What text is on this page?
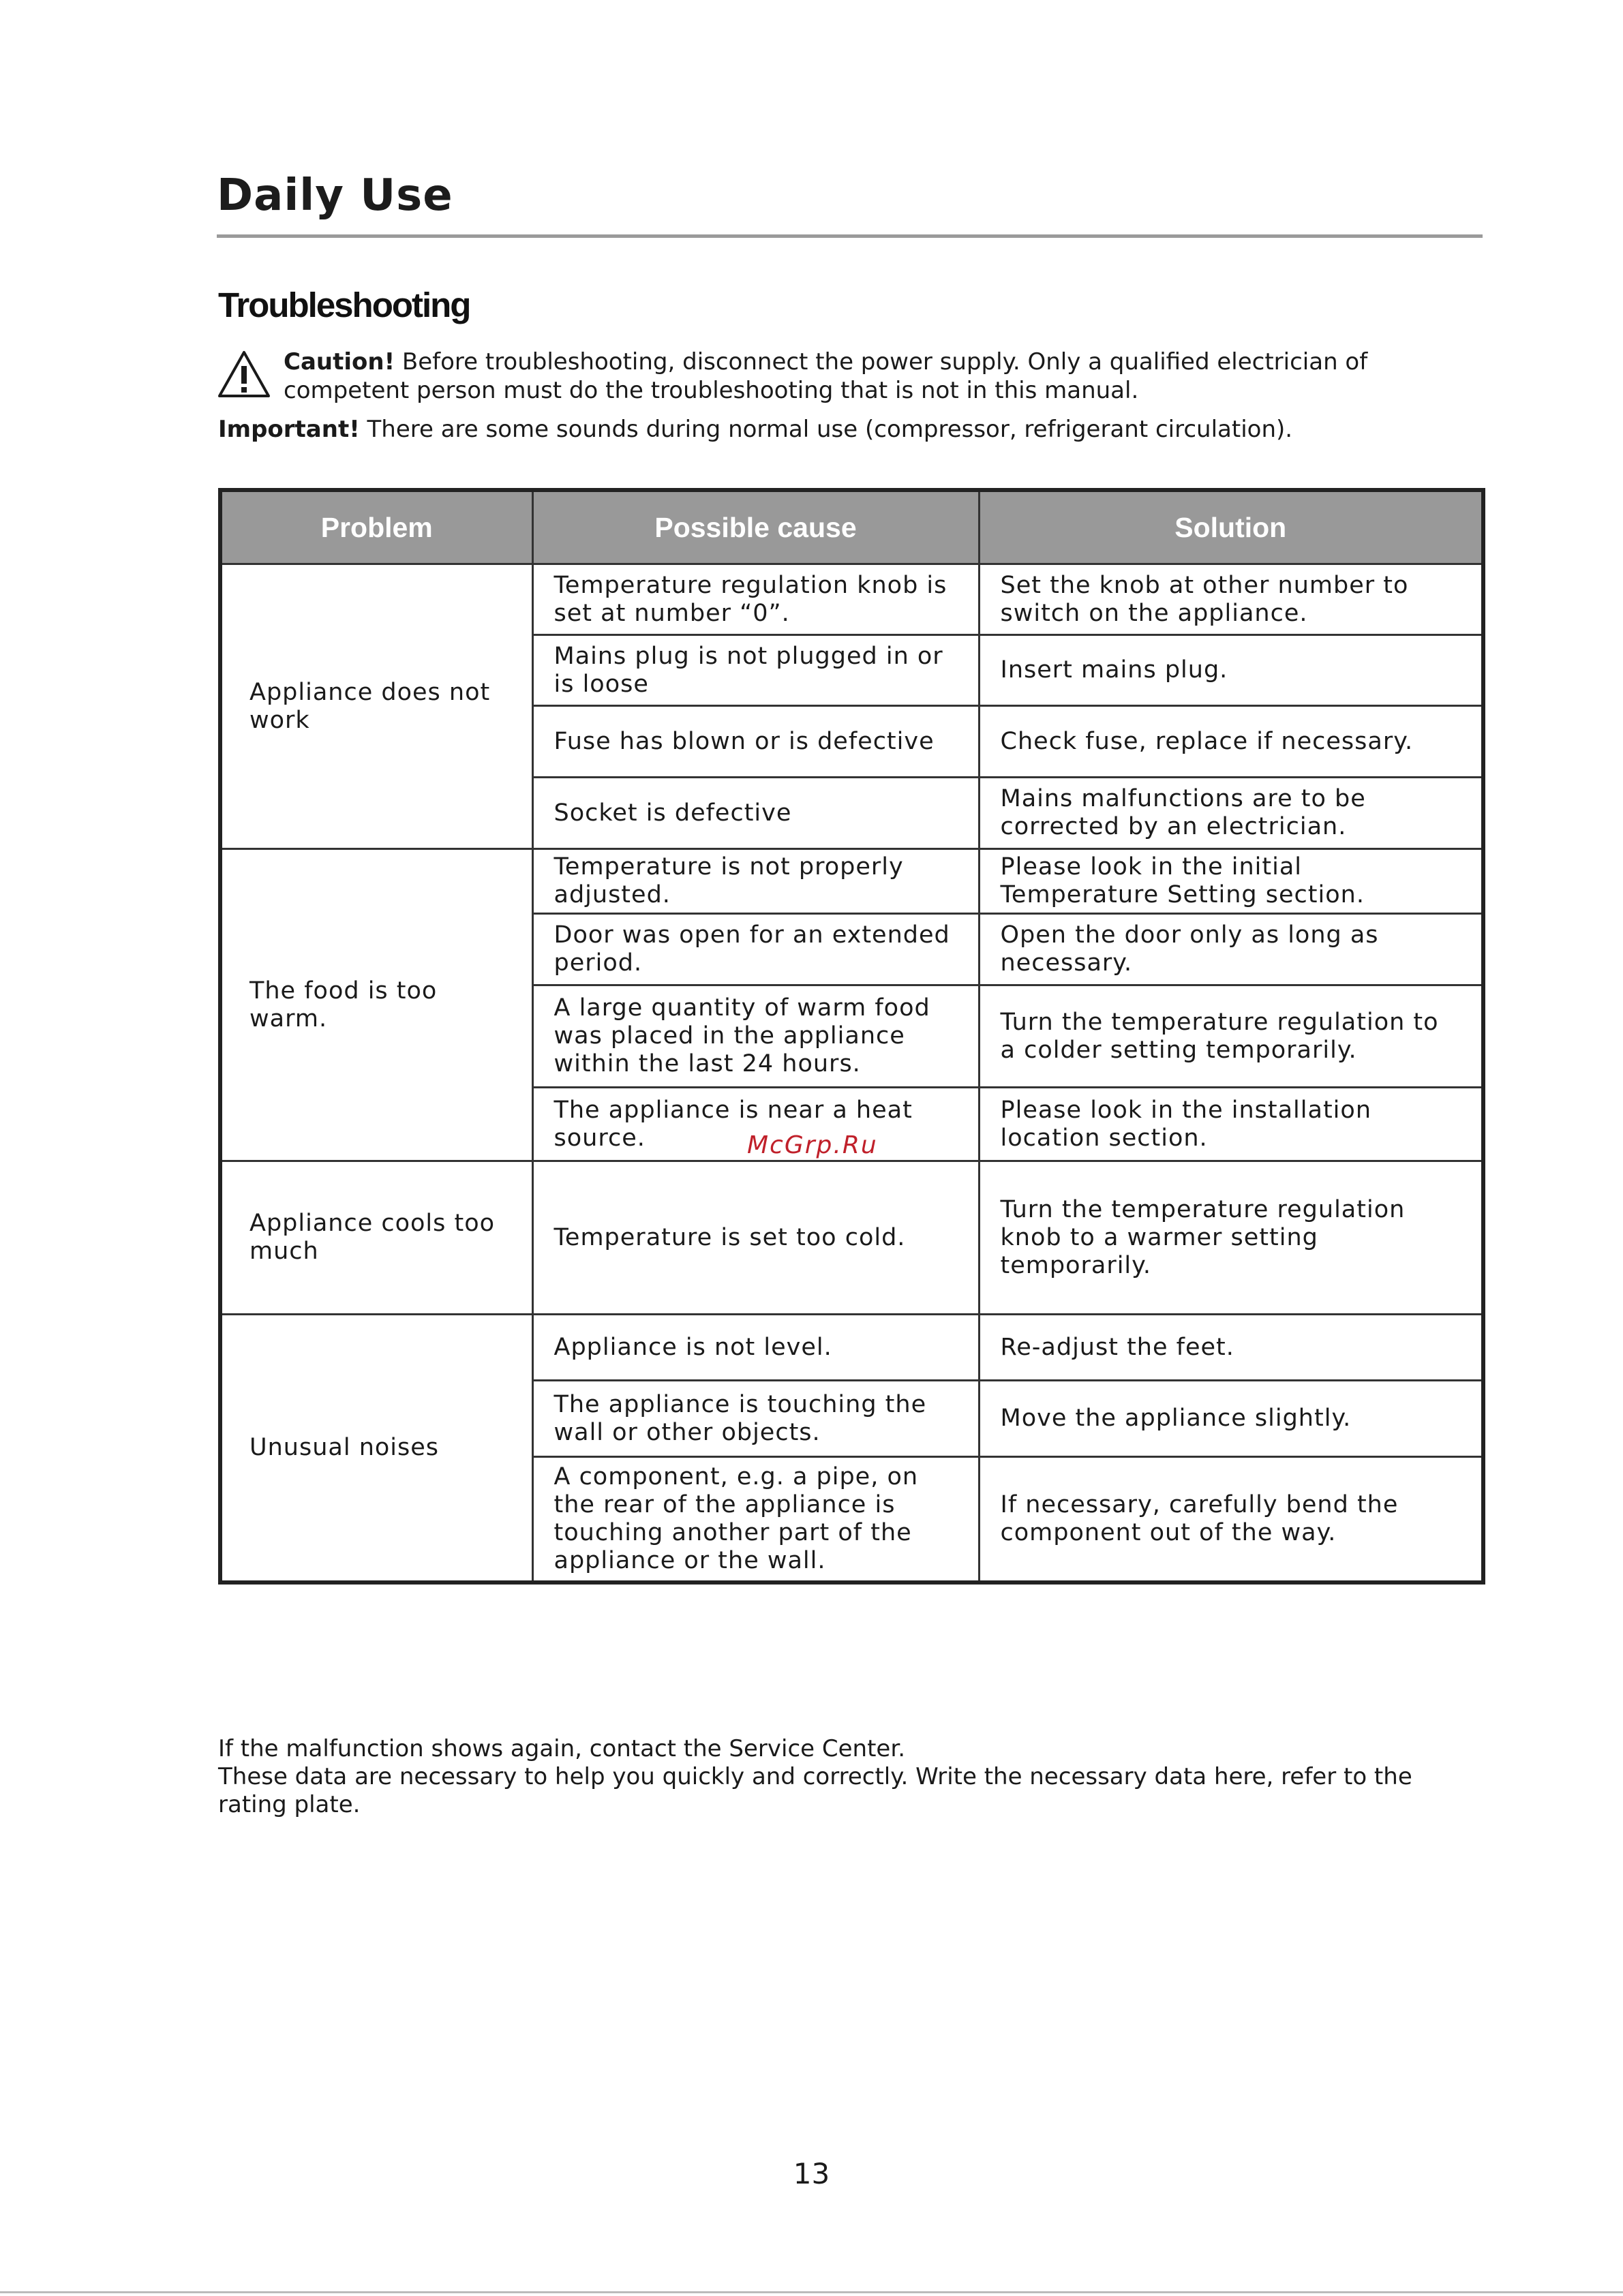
Daily Use
Troubleshooting
Caution! Before troubleshooting, disconnect the power supply. Only a qualified electrician of competent person must do the troubleshooting that is not in this manual.
Important! There are some sounds during normal use (compressor, refrigerant circulation).
Problem	Possible cause	Solution
Appliance does not work	Temperature regulation knob is set at number “0”.	Set the knob at other number to switch on the appliance.
	Mains plug is not plugged in or is loose	Insert mains plug.
	Fuse has blown or is defective	Check fuse, replace if necessary.
	Socket is defective	Mains malfunctions are to be corrected by an electrician.
The food is too warm.	Temperature is not properly adjusted.	Please look in the initial Temperature Setting section.
	Door was open for an extended period.	Open the door only as long as necessary.
	A large quantity of warm food was placed in the appliance within the last 24 hours.	Turn the temperature regulation to a colder setting temporarily.
	The appliance is near a heat source.	Please look in the installation location section.
Appliance cools too much	Temperature is set too cold.	Turn the temperature regulation knob to a warmer setting temporarily.
Unusual noises	Appliance is not level.	Re-adjust the feet.
	The appliance is touching the wall or other objects.	Move the appliance slightly.
	A component, e.g. a pipe, on the rear of the appliance is touching another part of the appliance or the wall.	If necessary, carefully bend the component out of the way.
McGrp.Ru
If the malfunction shows again, contact the Service Center.
These data are necessary to help you quickly and correctly. Write the necessary data here, refer to the rating plate.
13
